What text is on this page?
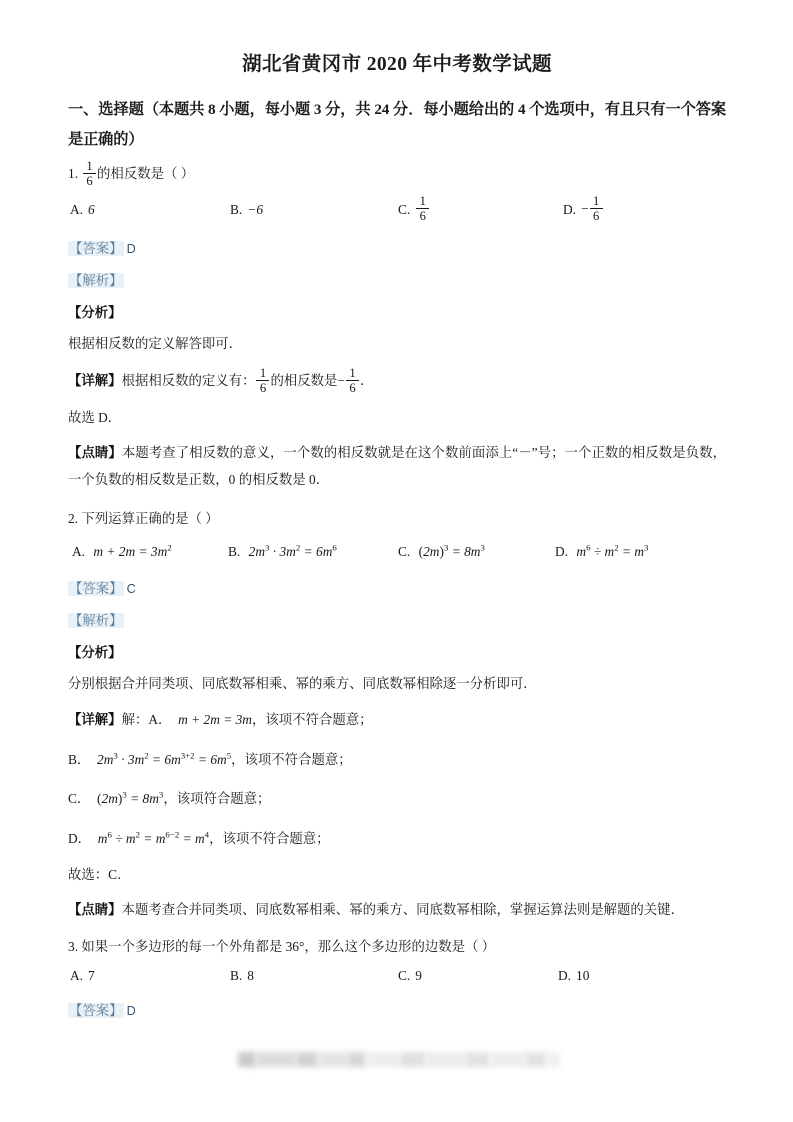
湖北省黄冈市 2020 年中考数学试题

一、选择题（本题共 8 小题，每小题 3 分，共 24 分．每小题给出的 4 个选项中，有且只有一个答案是正确的）

1. $\frac{1}{6}$ 的相反数是（ ）
A. 6	B. −6	C. $\frac{1}{6}$	D. − $\frac{1}{6}$

【答案】 D

【解析】

【分析】

根据相反数的定义解答即可．

【详解】 根据相反数的定义有： $\frac{1}{6}$ 的相反数是 − $\frac{1}{6}$ ．

故选 D．

【点睛】本题考查了相反数的意义，一个数的相反数就是在这个数前面添上“－”号；一个正数的相反数是负数，一个负数的相反数是正数，0 的相反数是 0．

2. 下列运算正确的是（ ）

A. $m + 2m = 3m^2$	B. $2m^3 \cdot 3m^2 = 6m^6$	C. $(2m)^3 = 8m^3$	D. $m^6 \div m^2 = m^3$

【答案】 C

【解析】

【分析】

分别根据合并同类项、同底数幂相乘、幂的乘方、同底数幂相除逐一分析即可．

【详解】解：A．  m + 2m = 3m，该项不符合题意；

B．  $2m^3 \cdot 3m^2 = 6m^{3+2} = 6m^5$，该项不符合题意；

C． $(2m)^3 = 8m^3$，该项符合题意；

D．  $m^6 \div m^2 = m^{6-2} = m^4$，该项不符合题意；

故选：C．

【点睛】本题考查合并同类项、同底数幂相乘、幂的乘方、同底数幂相除，掌握运算法则是解题的关键．

3. 如果一个多边形的每一个外角都是 36°，那么这个多边形的边数是（ ）

A. 7	B. 8	C. 9	D. 10

【答案】 D
